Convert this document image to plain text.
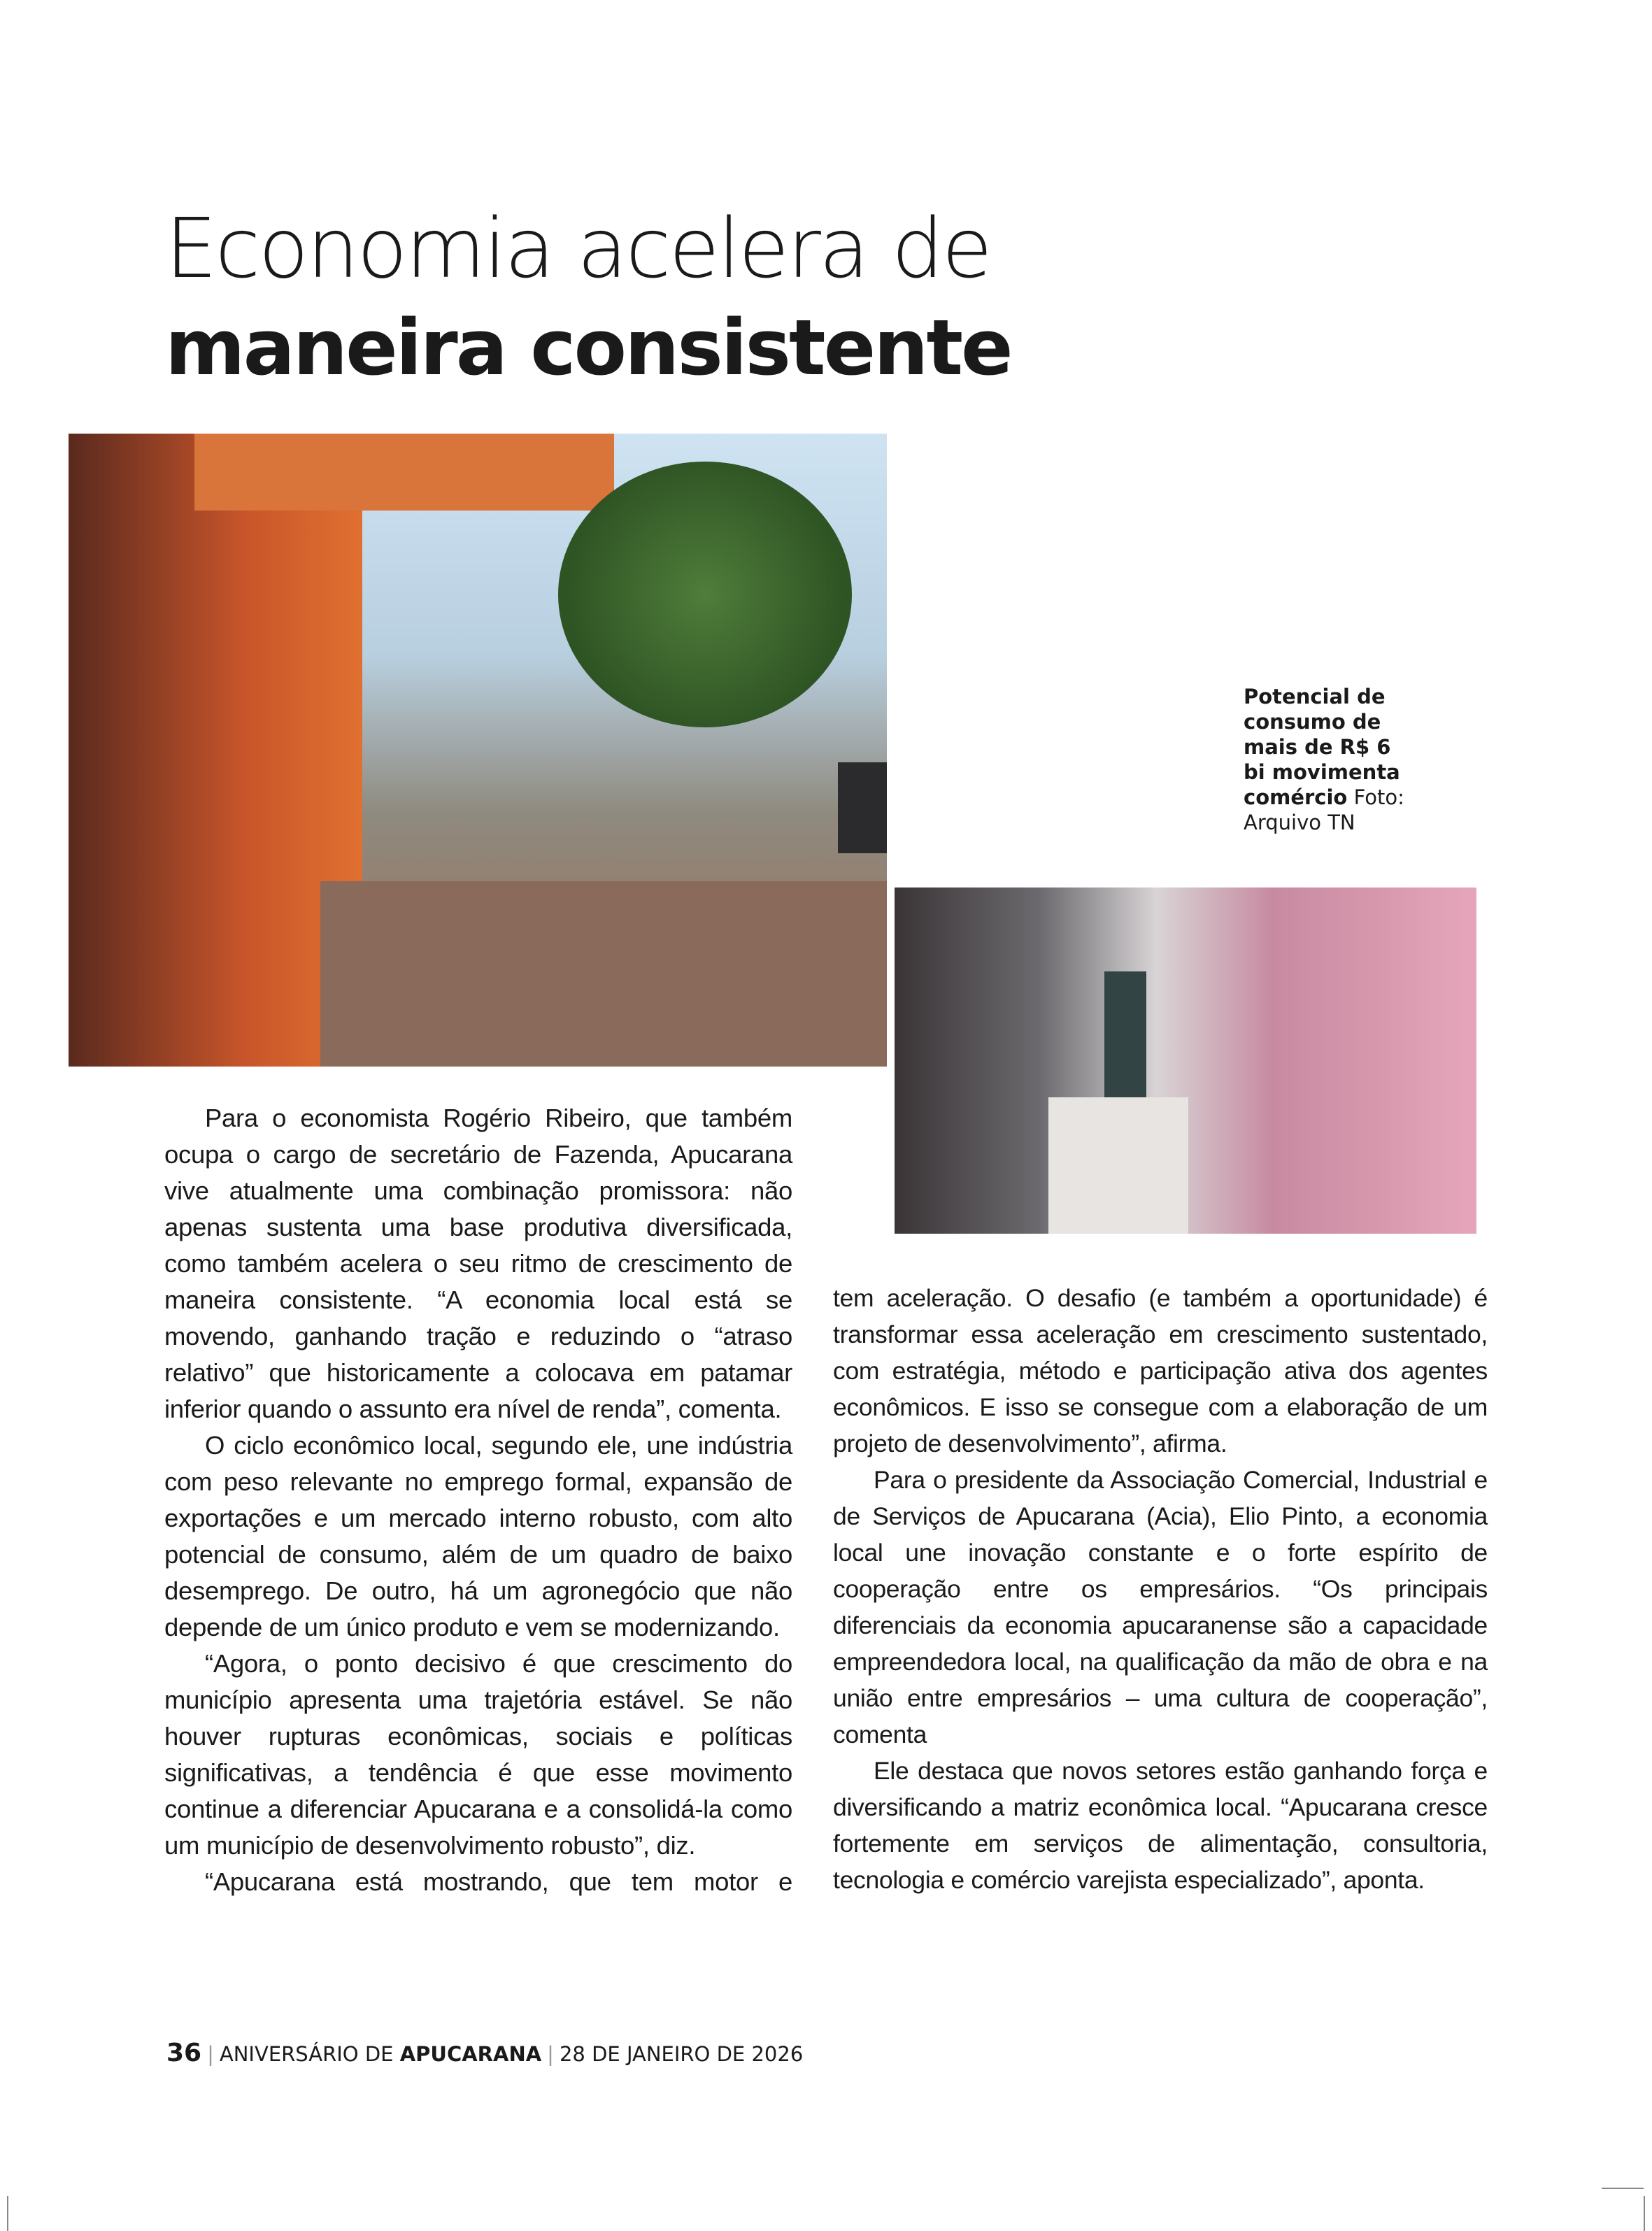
Economia acelera de
maneira consistente
Potencial de consumo de mais de R$ 6 bi movimenta comércio Foto: Arquivo TN

Para o economista Rogério Ribeiro, que também ocupa o cargo de secretário de Fazenda, Apucarana vive atualmente uma combinação promissora: não apenas sustenta uma base produtiva diversificada, como também acelera o seu ritmo de crescimento de maneira consistente. “A economia local está se movendo, ganhando tração e reduzindo o “atraso relativo” que historicamente a colocava em patamar inferior quando o assunto era nível de renda”, comenta.

O ciclo econômico local, segundo ele, une indústria com peso relevante no emprego formal, expansão de exportações e um mercado interno robusto, com alto potencial de consumo, além de um quadro de baixo desemprego. De outro, há um agronegócio que não depende de um único produto e vem se modernizando.

“Agora, o ponto decisivo é que crescimento do município apresenta uma trajetória estável. Se não houver rupturas econômicas, sociais e políticas significativas, a tendência é que esse movimento continue a diferenciar Apucarana e a consolidá-la como um município de desenvolvimento robusto”, diz.

“Apucarana está mostrando, que tem motor e

tem aceleração. O desafio (e também a oportunidade) é transformar essa aceleração em crescimento sustentado, com estratégia, método e participação ativa dos agentes econômicos. E isso se consegue com a elaboração de um projeto de desenvolvimento”, afirma.

Para o presidente da Associação Comercial, Industrial e de Serviços de Apucarana (Acia), Elio Pinto, a economia local une inovação constante e o forte espírito de cooperação entre os empresários. “Os principais diferenciais da economia apucaranense são a capacidade empreendedora local, na qualificação da mão de obra e na união entre empresários – uma cultura de cooperação”, comenta

Ele destaca que novos setores estão ganhando força e diversificando a matriz econômica local. “Apucarana cresce fortemente em serviços de alimentação, consultoria, tecnologia e comércio varejista especializado”, aponta.

36 | ANIVERSÁRIO DE APUCARANA | 28 DE JANEIRO DE 2026
